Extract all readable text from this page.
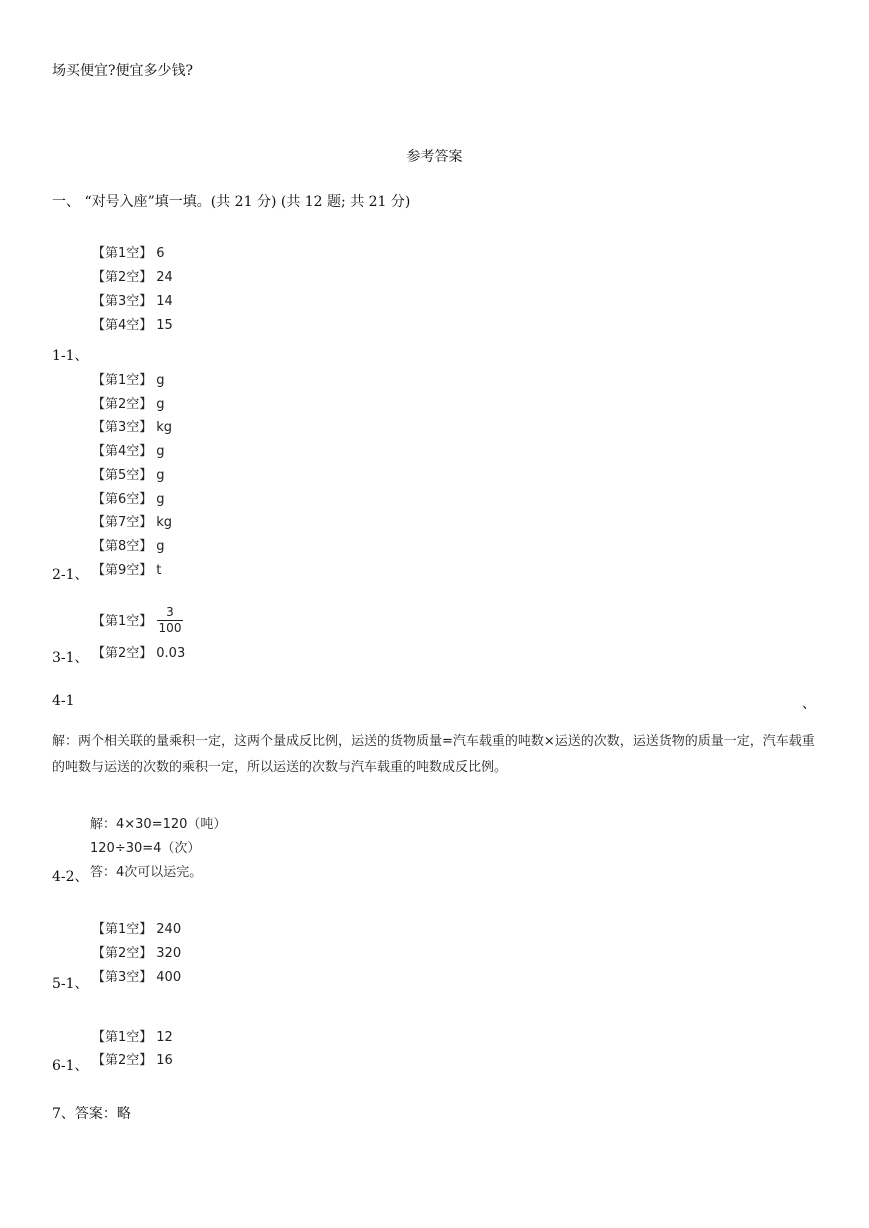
场买便宜?便宜多少钱?
参考答案
一、 “对号入座”填一填。(共 21 分) (共 12 题; 共 21 分)
【第1空】 6
【第2空】 24
【第3空】 14
【第4空】 15
1-1、
【第1空】 g
【第2空】 g
【第3空】 kg
【第4空】 g
【第5空】 g
【第6空】 g
【第7空】 kg
【第8空】 g
【第9空】 t
2-1、
【第1空】
3
100
【第2空】 0.03
3-1、
4-1	、
解：两个相关联的量乘积一定，这两个量成反比例，运送的货物质量=汽车载重的吨数×运送的次数，运送货物的质量一定，汽车载重的吨数与运送的次数的乘积一定，所以运送的次数与汽车载重的吨数成反比例。
解：4×30=120（吨）
120÷30=4（次）
答：4次可以运完。
4-2、
【第1空】 240
【第2空】 320
【第3空】 400
5-1、
【第1空】 12
【第2空】 16
6-1、
7、答案：略
